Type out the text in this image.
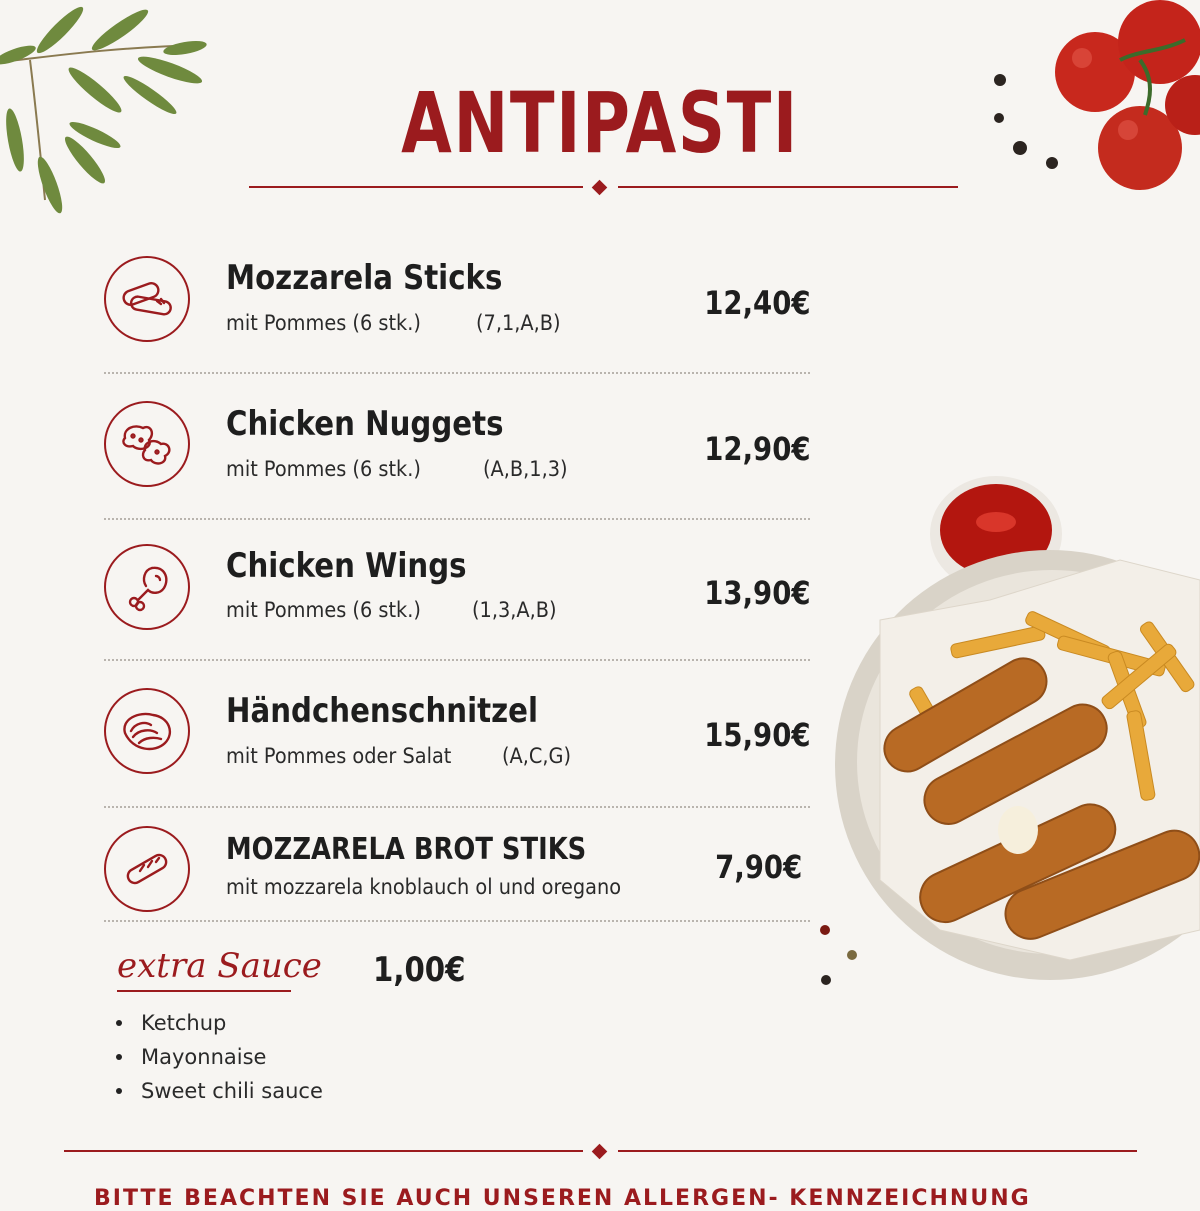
ANTIPASTI
Mozzarela Sticks
mit Pommes (6 stk.)	(7,1,A,B)
12,40€
Chicken Nuggets
mit Pommes (6 stk.)	(A,B,1,3)
12,90€
Chicken Wings
mit Pommes (6 stk.) (1,3,A,B)	13,90€
Händchenschnitzel
mit Pommes oder Salat (A,C,G)
15,90€
MOZZARELA BROT STIKS
mit mozzarela knoblauch ol und oregano
7,90€
extra Sauce 1,00€
Ketchup
Mayonnaise
Sweet chili sauce
BITTE BEACHTEN SIE AUCH UNSEREN ALLERGEN- KENNZEICHNUNG
